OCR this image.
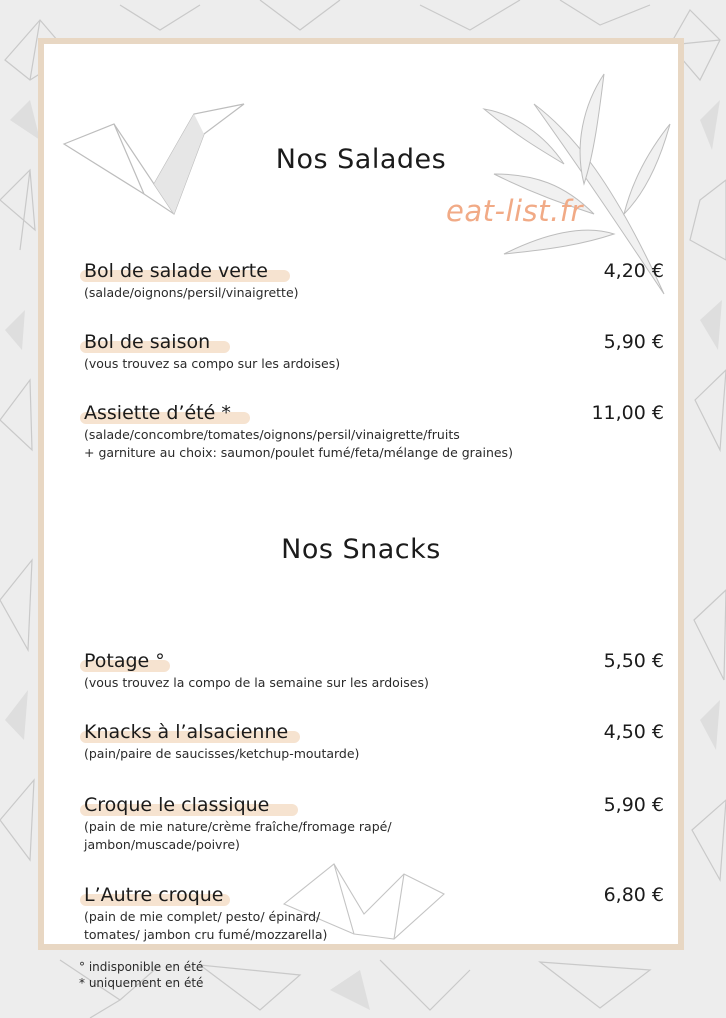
Nos Salades
eat-list.fr
Bol de salade verte
(salade/oignons/persil/vinaigrette)
4,20 €
Bol de saison
(vous trouvez sa compo sur les ardoises)
5,90 €
Assiette d’été *
(salade/concombre/tomates/oignons/persil/vinaigrette/fruits
+ garniture au choix: saumon/poulet fumé/feta/mélange de graines)
11,00 €
Nos Snacks
Potage °
(vous trouvez la compo de la semaine sur les ardoises)
5,50 €
Knacks à l’alsacienne
(pain/paire de saucisses/ketchup-moutarde)
4,50 €
Croque le classique
(pain de mie nature/crème fraîche/fromage rapé/
jambon/muscade/poivre)
5,90 €
L’Autre croque
(pain de mie complet/ pesto/ épinard/
tomates/ jambon cru fumé/mozzarella)
6,80 €
° indisponible en été
* uniquement en été
